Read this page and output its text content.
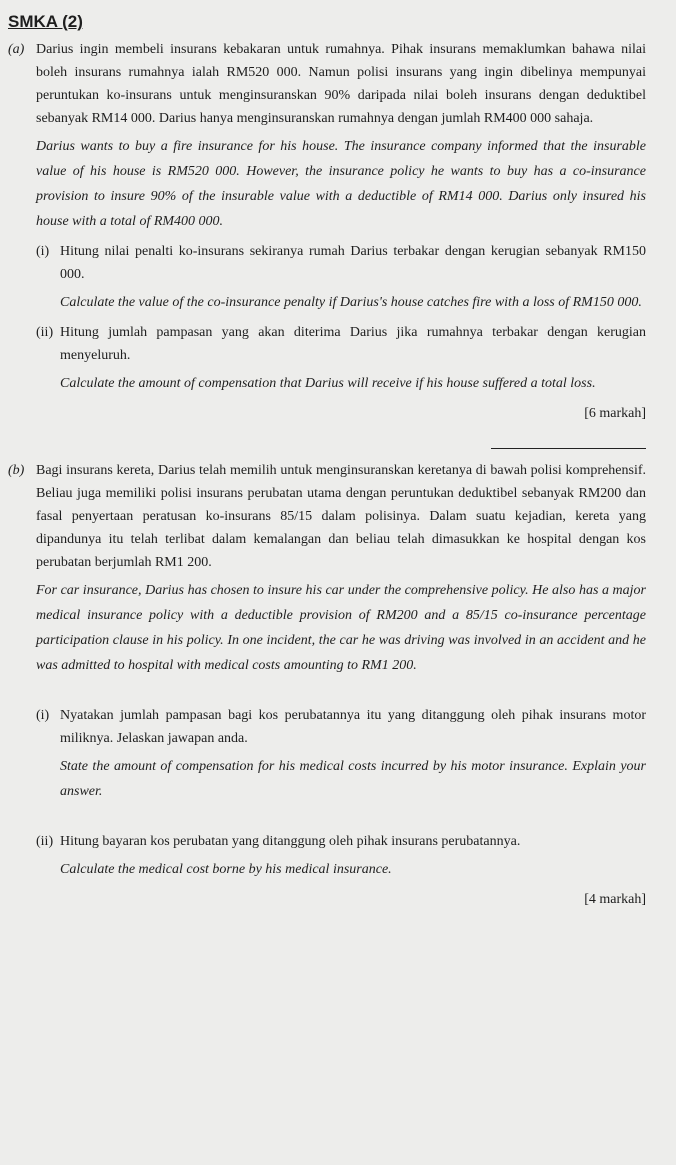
SMKA (2)
(a) Darius ingin membeli insurans kebakaran untuk rumahnya. Pihak insurans memaklumkan bahawa nilai boleh insurans rumahnya ialah RM520 000. Namun polisi insurans yang ingin dibelinya mempunyai peruntukan ko-insurans untuk menginsuranskan 90% daripada nilai boleh insurans dengan deduktibel sebanyak RM14 000. Darius hanya menginsuranskan rumahnya dengan jumlah RM400 000 sahaja.

Darius wants to buy a fire insurance for his house. The insurance company informed that the insurable value of his house is RM520 000. However, the insurance policy he wants to buy has a co-insurance provision to insure 90% of the insurable value with a deductible of RM14 000. Darius only insured his house with a total of RM400 000.

(i) Hitung nilai penalti ko-insurans sekiranya rumah Darius terbakar dengan kerugian sebanyak RM150 000.

Calculate the value of the co-insurance penalty if Darius's house catches fire with a loss of RM150 000.

(ii) Hitung jumlah pampasan yang akan diterima Darius jika rumahnya terbakar dengan kerugian menyeluruh.

Calculate the amount of compensation that Darius will receive if his house suffered a total loss.

[6 markah]
(b) Bagi insurans kereta, Darius telah memilih untuk menginsuranskan keretanya di bawah polisi komprehensif. Beliau juga memiliki polisi insurans perubatan utama dengan peruntukan deduktibel sebanyak RM200 dan fasal penyertaan peratusan ko-insurans 85/15 dalam polisinya. Dalam suatu kejadian, kereta yang dipandunya itu telah terlibat dalam kemalangan dan beliau telah dimasukkan ke hospital dengan kos perubatan berjumlah RM1 200.

For car insurance, Darius has chosen to insure his car under the comprehensive policy. He also has a major medical insurance policy with a deductible provision of RM200 and a 85/15 co-insurance percentage participation clause in his policy. In one incident, the car he was driving was involved in an accident and he was admitted to hospital with medical costs amounting to RM1 200.

(i) Nyatakan jumlah pampasan bagi kos perubatannya itu yang ditanggung oleh pihak insurans motor miliknya. Jelaskan jawapan anda.

State the amount of compensation for his medical costs incurred by his motor insurance. Explain your answer.

(ii) Hitung bayaran kos perubatan yang ditanggung oleh pihak insurans perubatannya.

Calculate the medical cost borne by his medical insurance.

[4 markah]
